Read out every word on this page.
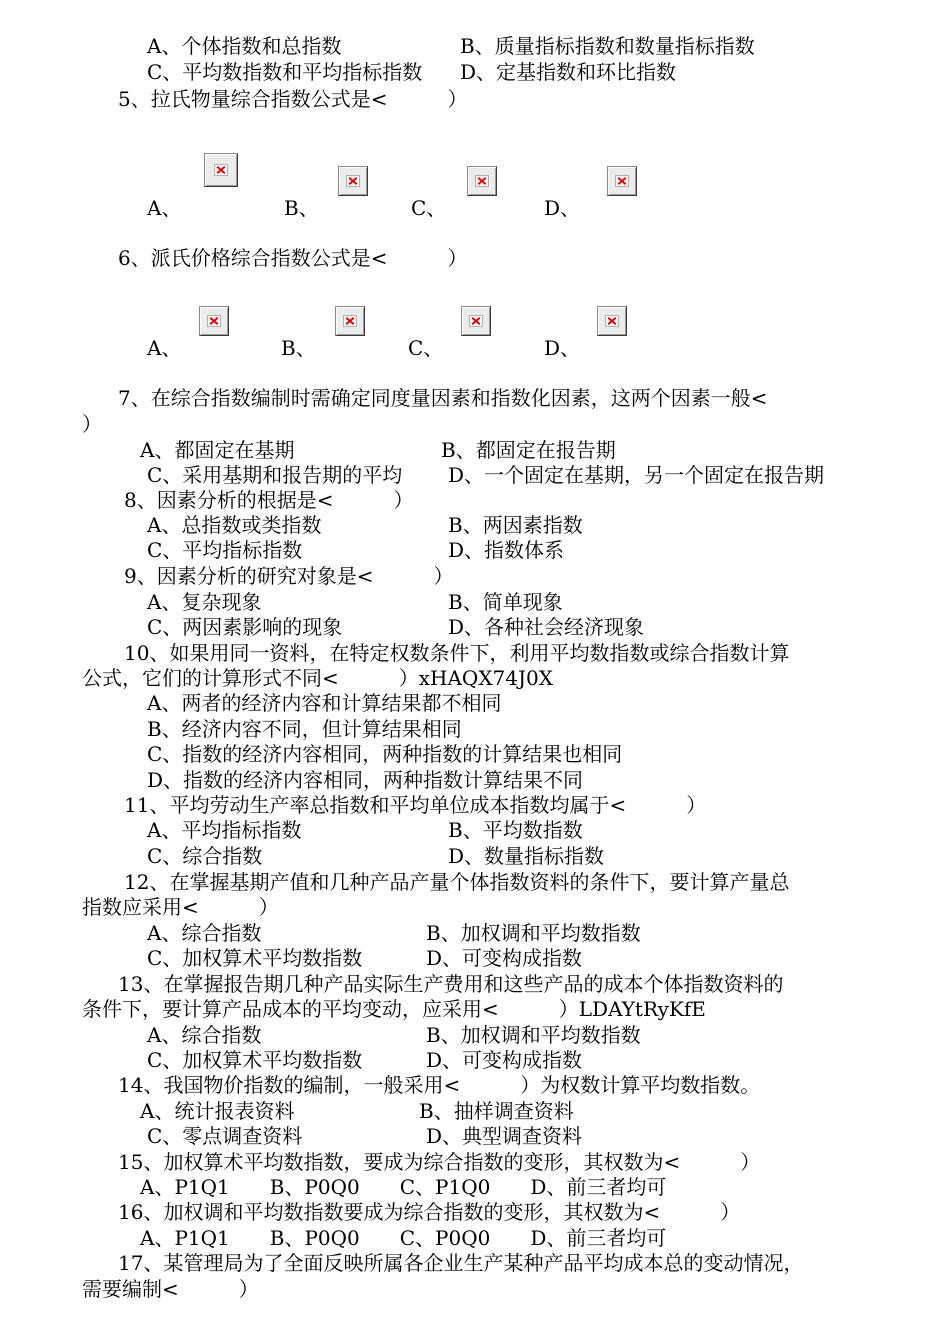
A、个体指数和总指数	B、质量指标指数和数量指标指数
C、平均数指数和平均指标指数 D、定基指数和环比指数
5、拉氏物量综合指数公式是<　　　）
A、	B、	C、	D、
6、派氏价格综合指数公式是<　　　）
A、	B、	C、	D、
7、在综合指数编制时需确定同度量因素和指数化因素，这两个因素一般<
）
A、都固定在基期	B、都固定在报告期
C、采用基期和报告期的平均 D、一个固定在基期，另一个固定在报告期
8、因素分析的根据是<　　　）
A、总指数或类指数	B、两因素指数
C、平均指标指数	D、指数体系
9、因素分析的研究对象是<　　　）
A、复杂现象	B、简单现象
C、两因素影响的现象	D、各种社会经济现象
10、如果用同一资料，在特定权数条件下，利用平均数指数或综合指数计算
公式，它们的计算形式不同<　　　）xHAQX74J0X
A、两者的经济内容和计算结果都不相同
B、经济内容不同，但计算结果相同
C、指数的经济内容相同，两种指数的计算结果也相同
D、指数的经济内容相同，两种指数计算结果不同
11、平均劳动生产率总指数和平均单位成本指数均属于<　　　）
A、平均指标指数	B、平均数指数
C、综合指数	D、数量指标指数
12、在掌握基期产值和几种产品产量个体指数资料的条件下，要计算产量总
指数应采用<　　　）
A、综合指数	B、加权调和平均数指数
C、加权算术平均数指数	D、可变构成指数
13、在掌握报告期几种产品实际生产费用和这些产品的成本个体指数资料的
条件下，要计算产品成本的平均变动，应采用<　　　）LDAYtRyKfE
A、综合指数	B、加权调和平均数指数
C、加权算术平均数指数	D、可变构成指数
14、我国物价指数的编制，一般采用<　　　）为权数计算平均数指数。
A、统计报表资料	B、抽样调查资料
C、零点调查资料	D、典型调查资料
15、加权算术平均数指数，要成为综合指数的变形，其权数为<　　　）
A、P1Q1　　B、P0Q0　　C、P1Q0　　D、前三者均可
16、加权调和平均数指数要成为综合指数的变形，其权数为<　　　）
A、P1Q1　　B、P0Q0　　C、P0Q0　　D、前三者均可
17、某管理局为了全面反映所属各企业生产某种产品平均成本总的变动情况，
需要编制<　　　）
